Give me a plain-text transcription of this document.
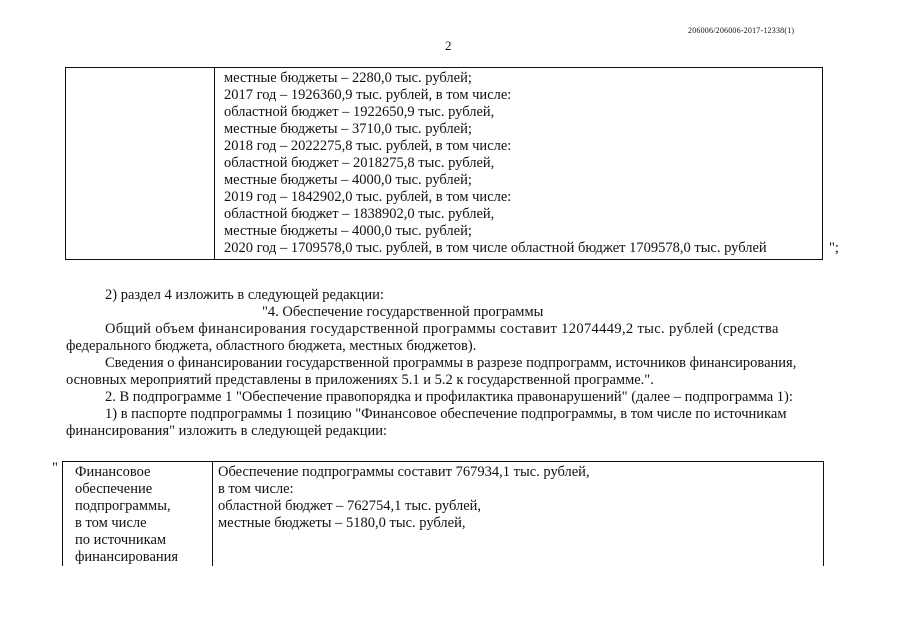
206006/206006-2017-12338(1)
2
местные бюджеты – 2280,0 тыс. рублей;
2017 год – 1926360,9 тыс. рублей, в том числе:
областной бюджет – 1922650,9 тыс. рублей,
местные бюджеты – 3710,0 тыс. рублей;
2018 год – 2022275,8 тыс. рублей, в том числе:
областной бюджет – 2018275,8 тыс. рублей,
местные бюджеты – 4000,0 тыс. рублей;
2019 год – 1842902,0 тыс. рублей, в том числе:
областной бюджет – 1838902,0 тыс. рублей,
местные бюджеты – 4000,0 тыс. рублей;
2020 год – 1709578,0 тыс. рублей, в том числе областной бюджет 1709578,0 тыс. рублей	";
2) раздел 4 изложить в следующей редакции:
"4. Обеспечение государственной программы
Общий объем финансирования государственной программы составит 12074449,2 тыс. рублей (средства
федерального бюджета, областного бюджета, местных бюджетов).
Сведения о финансировании государственной программы в разрезе подпрограмм, источников финансирования,
основных мероприятий представлены в приложениях 5.1 и 5.2 к государственной программе.".
2. В подпрограмме 1 "Обеспечение правопорядка и профилактика правонарушений" (далее – подпрограмма 1):
1) в паспорте подпрограммы 1 позицию "Финансовое обеспечение подпрограммы, в том числе по источникам
финансирования" изложить в следующей редакции:
" Финансовое
обеспечение
подпрограммы,
в том числе
по источникам
финансирования
Обеспечение подпрограммы составит 767934,1 тыс. рублей,
в том числе:
областной бюджет – 762754,1 тыс. рублей,
местные бюджеты – 5180,0 тыс. рублей,
